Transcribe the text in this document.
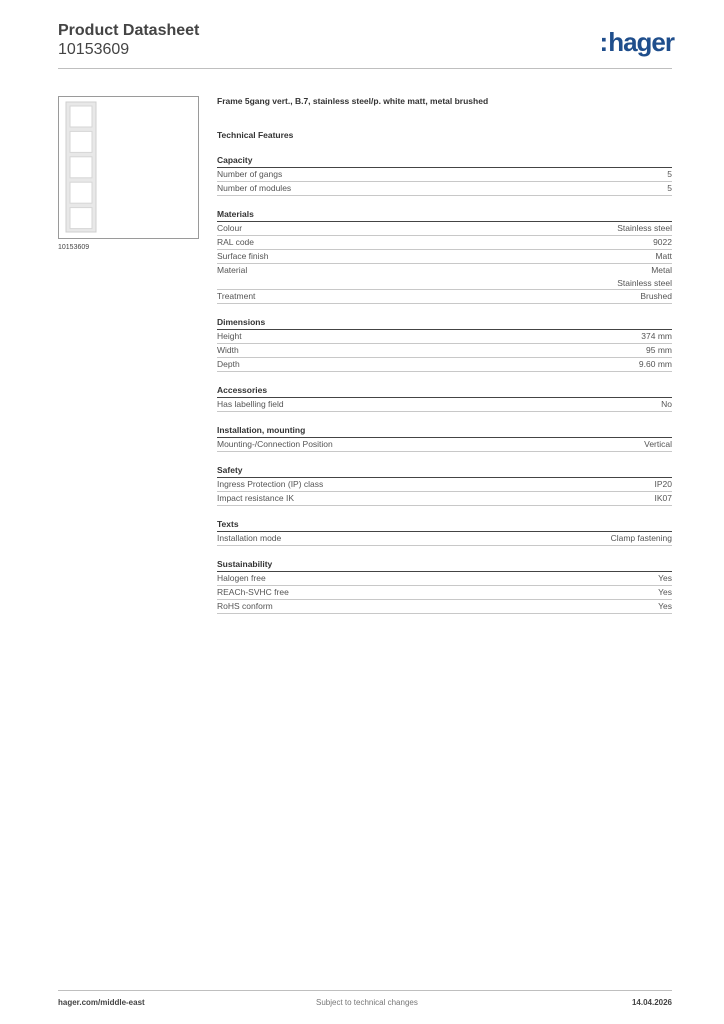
Product Datasheet
10153609	:hager
10153609
Frame 5gang vert., B.7, stainless steel/p. white matt, metal brushed
Technical Features
Capacity
Number of gangs	5
Number of modules	5
Materials
Colour	Stainless steel
RAL code	9022
Surface finish	Matt
Material	Metal
Stainless steel
Treatment	Brushed
Dimensions
Height	374 mm
Width	95 mm
Depth	9.60 mm
Accessories
Has labelling field	No
Installation, mounting
Mounting-/Connection Position	Vertical
Safety
Ingress Protection (IP) class	IP20
Impact resistance IK	IK07
Texts
Installation mode	Clamp fastening
Sustainability
Halogen free	Yes
REACh-SVHC free	Yes
RoHS conform	Yes
hager.com/middle-east	Subject to technical changes	14.04.2026
